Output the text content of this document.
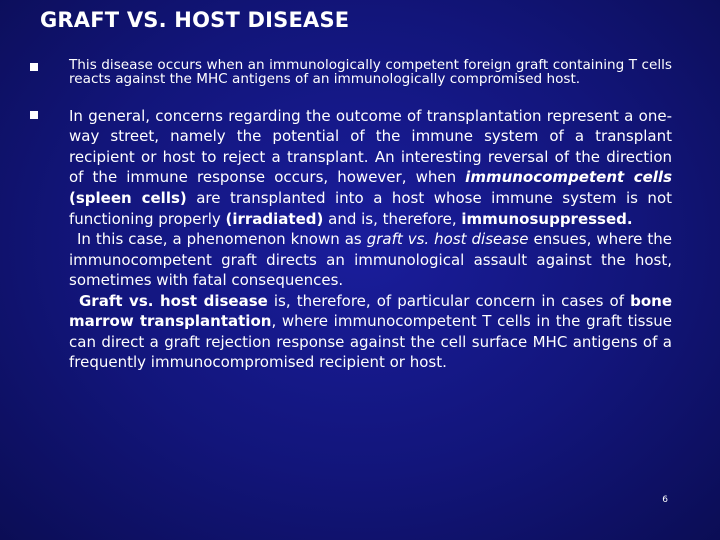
GRAFT VS. HOST DISEASE

This disease occurs when an immunologically competent foreign graft containing T cells reacts against the MHC antigens of an immunologically compromised host.

In general, concerns regarding the outcome of transplantation represent a one-way street, namely the potential of the immune system of a transplant recipient or host to reject a transplant. An interesting reversal of the direction of the immune response occurs, however, when immunocompetent cells (spleen cells) are transplanted into a host whose immune system is not functioning properly (irradiated) and is, therefore, immunosuppressed.

In this case, a phenomenon known as graft vs. host disease ensues, where the immunocompetent graft directs an immunological assault against the host, sometimes with fatal consequences.

Graft vs. host disease is, therefore, of particular concern in cases of bone marrow transplantation, where immunocompetent T cells in the graft tissue can direct a graft rejection response against the cell surface MHC antigens of a frequently immunocompromised recipient or host.

6
